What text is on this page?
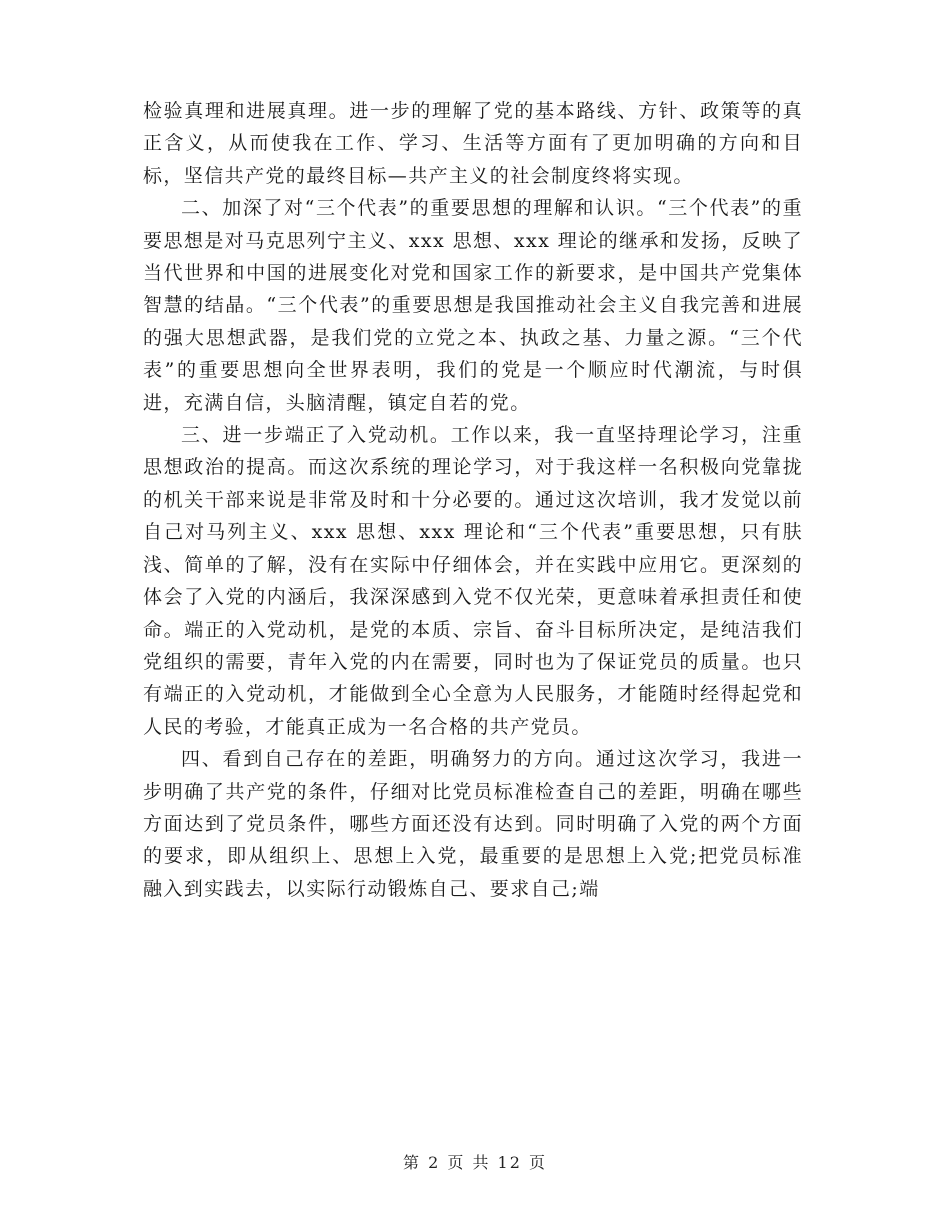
检验真理和进展真理。进一步的理解了党的基本路线、方针、政策等的真正含义，从而使我在工作、学习、生活等方面有了更加明确的方向和目标，坚信共产党的最终目标—共产主义的社会制度终将实现。

二、加深了对“三个代表”的重要思想的理解和认识。“三个代表”的重要思想是对马克思列宁主义、xxx 思想、xxx 理论的继承和发扬，反映了当代世界和中国的进展变化对党和国家工作的新要求，是中国共产党集体智慧的结晶。“三个代表”的重要思想是我国推动社会主义自我完善和进展的强大思想武器，是我们党的立党之本、执政之基、力量之源。“三个代表”的重要思想向全世界表明，我们的党是一个顺应时代潮流，与时俱进，充满自信，头脑清醒，镇定自若的党。

三、进一步端正了入党动机。工作以来，我一直坚持理论学习，注重思想政治的提高。而这次系统的理论学习，对于我这样一名积极向党靠拢的机关干部来说是非常及时和十分必要的。通过这次培训，我才发觉以前自己对马列主义、xxx 思想、xxx 理论和“三个代表”重要思想，只有肤浅、简单的了解，没有在实际中仔细体会，并在实践中应用它。更深刻的体会了入党的内涵后，我深深感到入党不仅光荣，更意味着承担责任和使命。端正的入党动机，是党的本质、宗旨、奋斗目标所决定，是纯洁我们党组织的需要，青年入党的内在需要，同时也为了保证党员的质量。也只有端正的入党动机，才能做到全心全意为人民服务，才能随时经得起党和人民的考验，才能真正成为一名合格的共产党员。

四、看到自己存在的差距，明确努力的方向。通过这次学习，我进一步明确了共产党的条件，仔细对比党员标准检查自己的差距，明确在哪些方面达到了党员条件，哪些方面还没有达到。同时明确了入党的两个方面的要求，即从组织上、思想上入党，最重要的是思想上入党;把党员标准融入到实践去，以实际行动锻炼自己、要求自己;端

第 2 页 共 12 页
